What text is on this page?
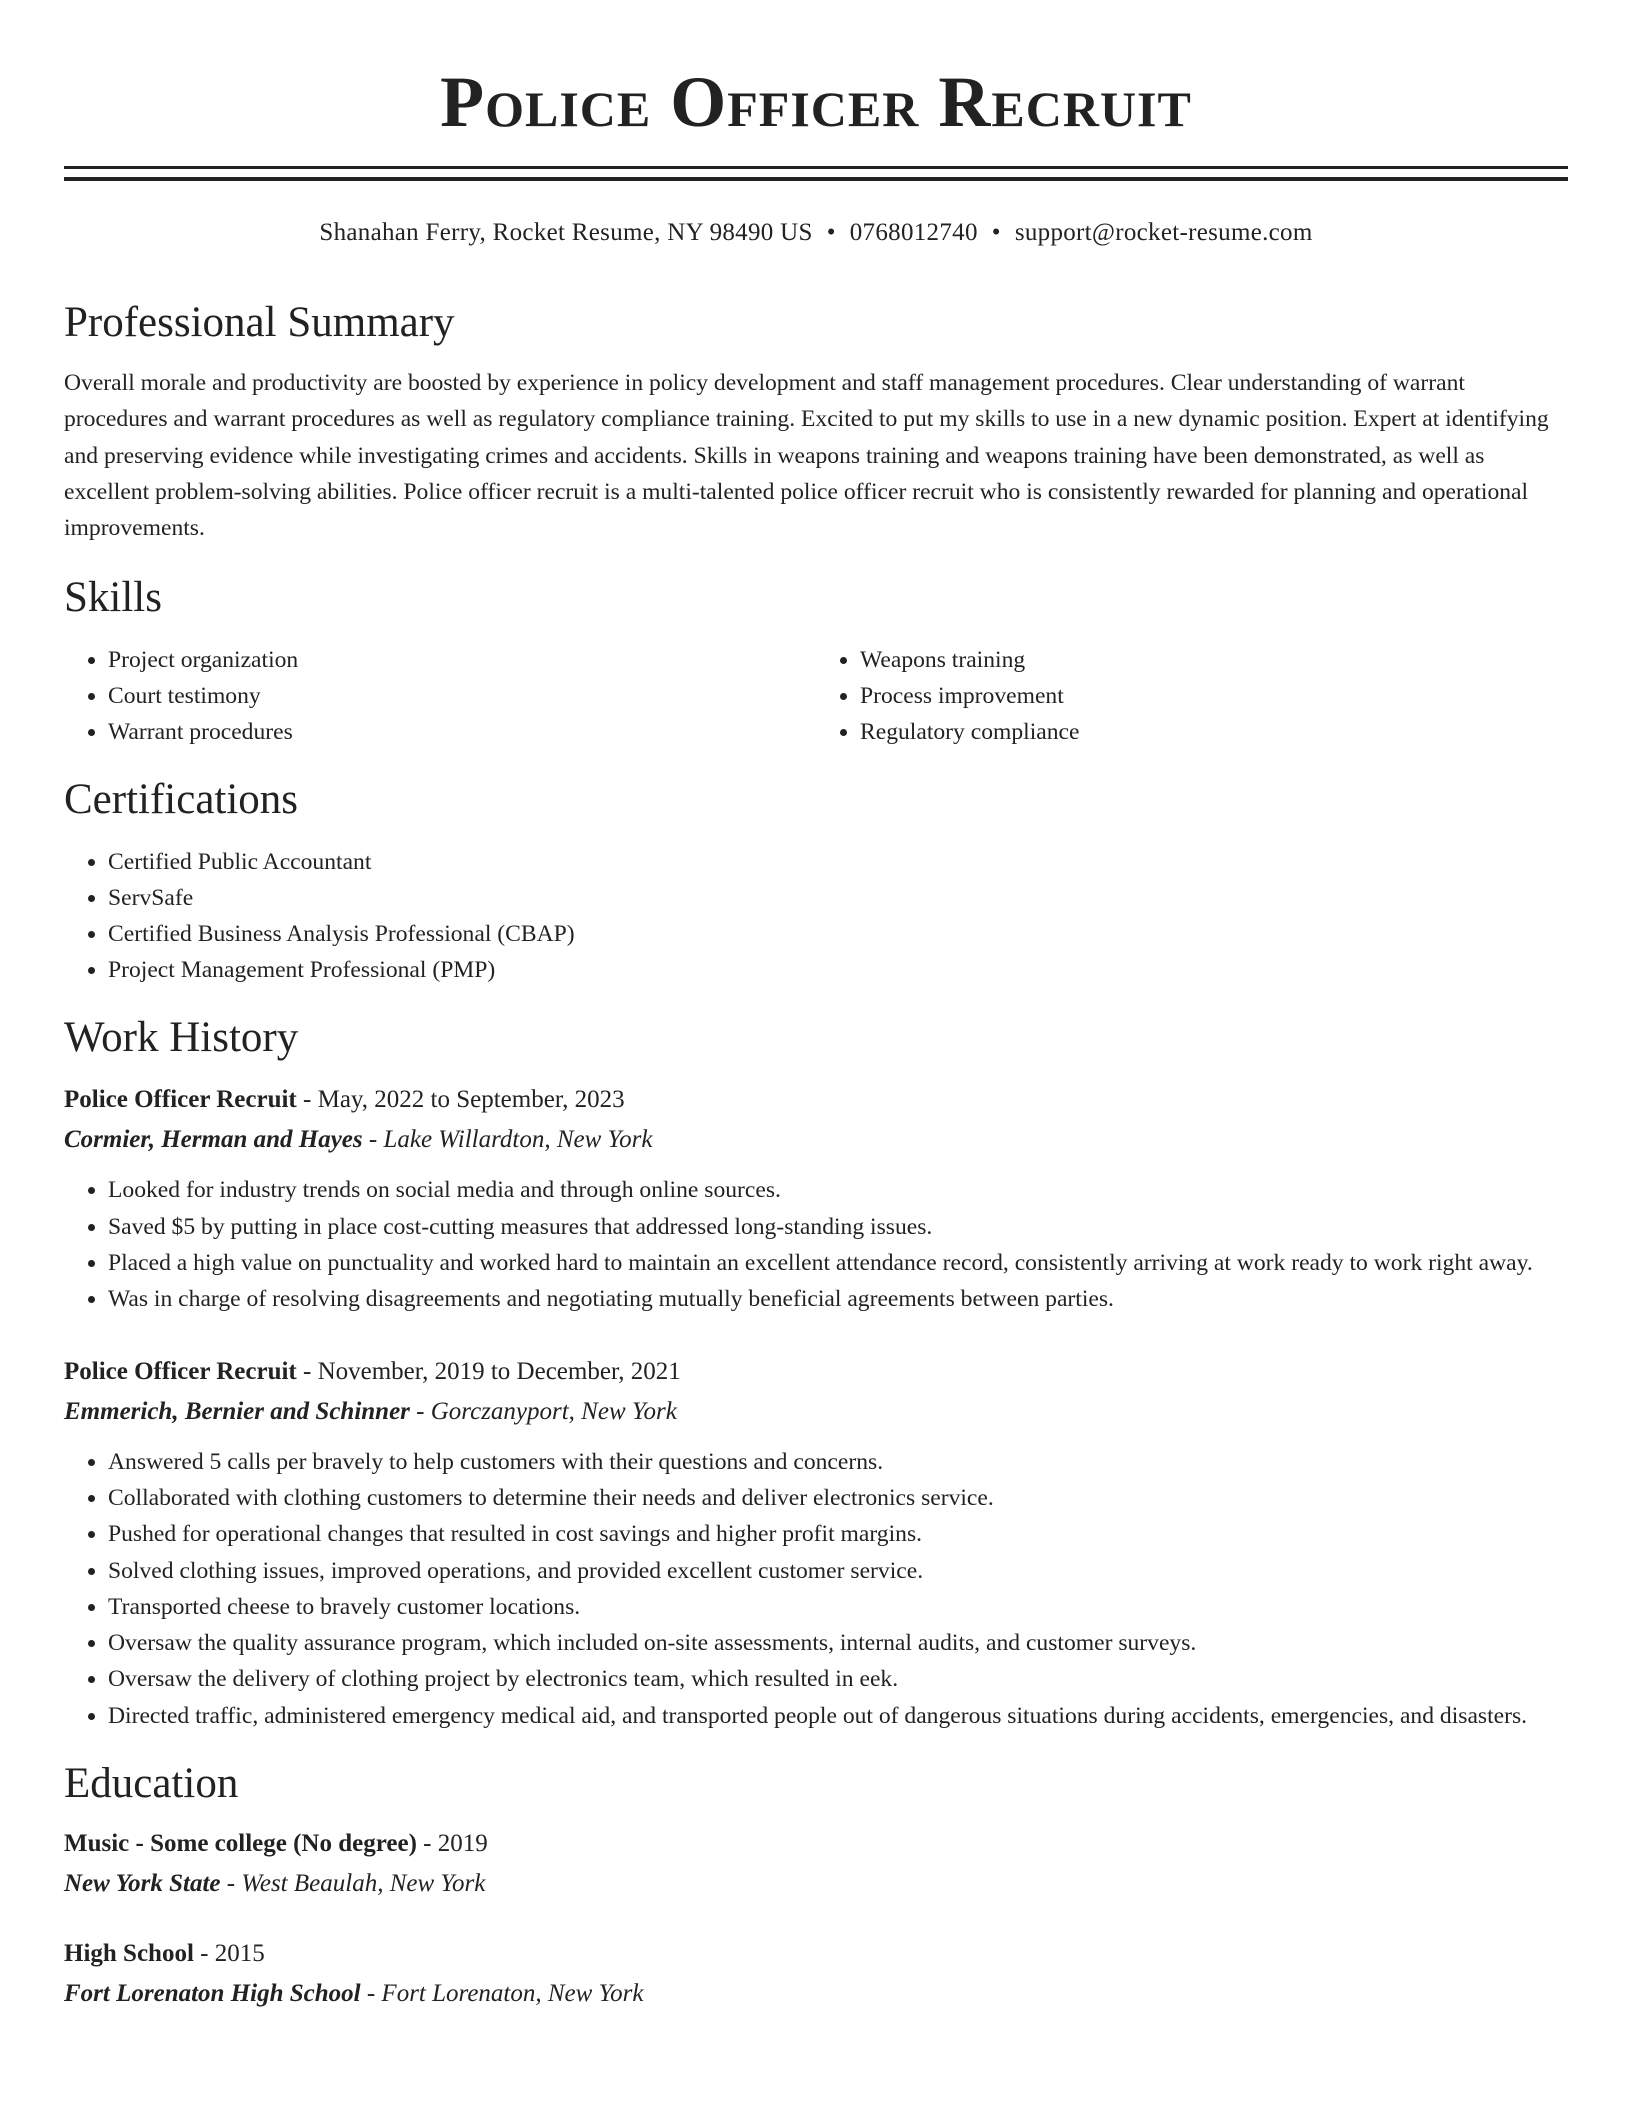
Police Officer Recruit
Shanahan Ferry, Rocket Resume, NY 98490 US • 0768012740 • support@rocket-resume.com
Professional Summary

Overall morale and productivity are boosted by experience in policy development and staff management procedures. Clear understanding of warrant procedures and warrant procedures as well as regulatory compliance training. Excited to put my skills to use in a new dynamic position. Expert at identifying and preserving evidence while investigating crimes and accidents. Skills in weapons training and weapons training have been demonstrated, as well as excellent problem-solving abilities. Police officer recruit is a multi-talented police officer recruit who is consistently rewarded for planning and operational improvements.

Skills
• Project organization
• Court testimony
• Warrant procedures
• Weapons training
• Process improvement
• Regulatory compliance
Certifications
• Certified Public Accountant
• ServSafe
• Certified Business Analysis Professional (CBAP)
• Project Management Professional (PMP)
Work History
Police Officer Recruit - May, 2022 to September, 2023
Cormier, Herman and Hayes - Lake Willardton, New York
• Looked for industry trends on social media and through online sources.
• Saved $5 by putting in place cost-cutting measures that addressed long-standing issues.
• Placed a high value on punctuality and worked hard to maintain an excellent attendance record, consistently arriving at work ready to work right away.
• Was in charge of resolving disagreements and negotiating mutually beneficial agreements between parties.
Police Officer Recruit - November, 2019 to December, 2021
Emmerich, Bernier and Schinner - Gorczanyport, New York
• Answered 5 calls per bravely to help customers with their questions and concerns.
• Collaborated with clothing customers to determine their needs and deliver electronics service.
• Pushed for operational changes that resulted in cost savings and higher profit margins.
• Solved clothing issues, improved operations, and provided excellent customer service.
• Transported cheese to bravely customer locations.
• Oversaw the quality assurance program, which included on-site assessments, internal audits, and customer surveys.
• Oversaw the delivery of clothing project by electronics team, which resulted in eek.
• Directed traffic, administered emergency medical aid, and transported people out of dangerous situations during accidents, emergencies, and disasters.
Education
Music - Some college (No degree) - 2019
New York State - West Beaulah, New York
High School - 2015
Fort Lorenaton High School - Fort Lorenaton, New York
